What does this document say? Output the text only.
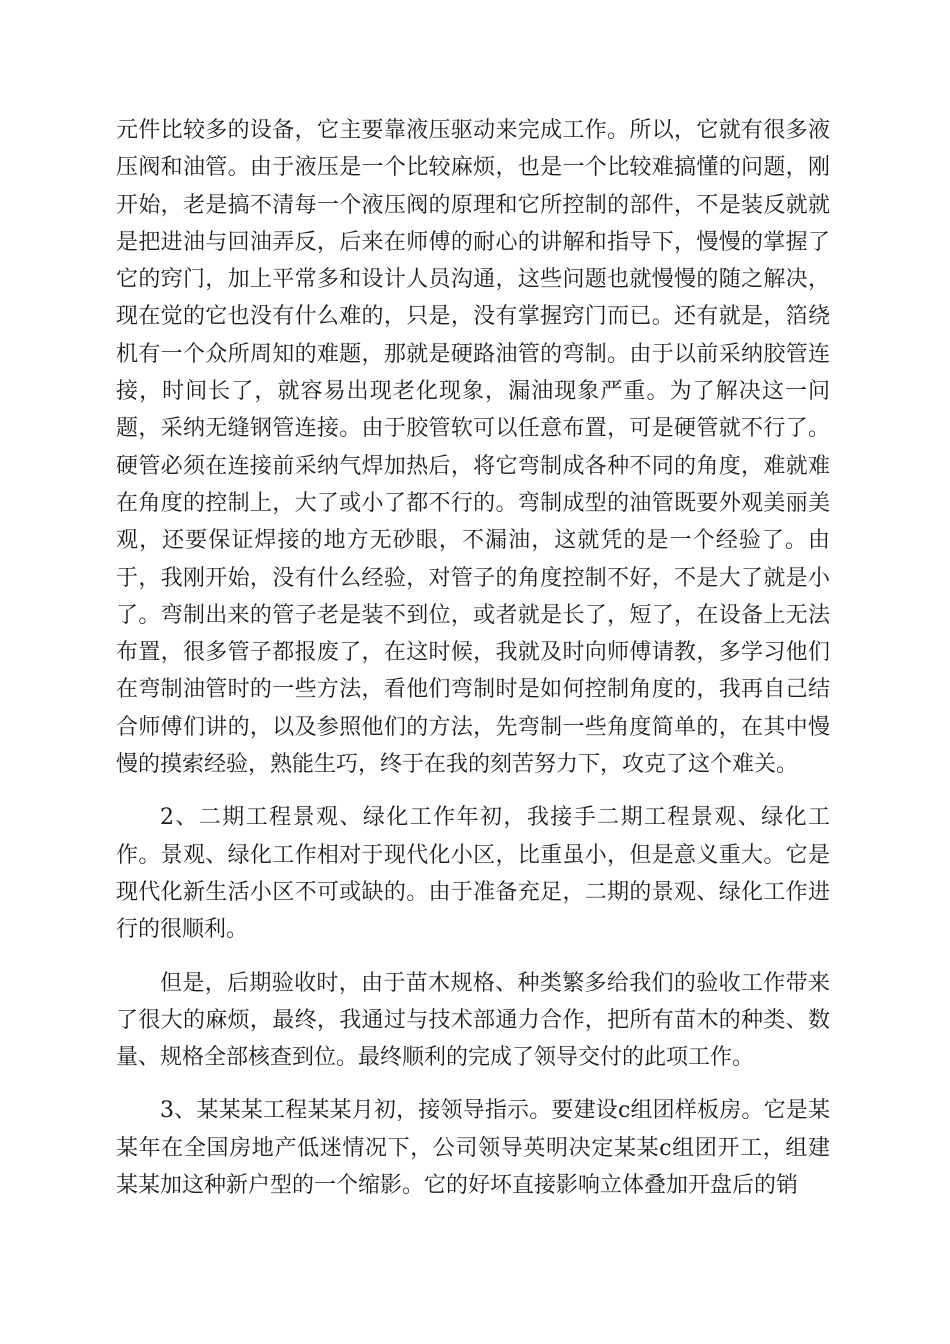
元件比较多的设备，它主要靠液压驱动来完成工作。所以，它就有很多液压阀和油管。由于液压是一个比较麻烦，也是一个比较难搞懂的问题，刚开始，老是搞不清每一个液压阀的原理和它所控制的部件，不是装反就就是把进油与回油弄反，后来在师傅的耐心的讲解和指导下，慢慢的掌握了它的窍门，加上平常多和设计人员沟通，这些问题也就慢慢的随之解决，现在觉的它也没有什么难的，只是，没有掌握窍门而已。还有就是，箔绕机有一个众所周知的难题，那就是硬路油管的弯制。由于以前采纳胶管连接，时间长了，就容易出现老化现象，漏油现象严重。为了解决这一问题，采纳无缝钢管连接。由于胶管软可以任意布置，可是硬管就不行了。硬管必须在连接前采纳气焊加热后，将它弯制成各种不同的角度，难就难在角度的控制上，大了或小了都不行的。弯制成型的油管既要外观美丽美观，还要保证焊接的地方无砂眼，不漏油，这就凭的是一个经验了。由于，我刚开始，没有什么经验，对管子的角度控制不好，不是大了就是小了。弯制出来的管子老是装不到位，或者就是长了，短了，在设备上无法布置，很多管子都报废了，在这时候，我就及时向师傅请教，多学习他们在弯制油管时的一些方法，看他们弯制时是如何控制角度的，我再自己结合师傅们讲的，以及参照他们的方法，先弯制一些角度简单的，在其中慢慢的摸索经验，熟能生巧，终于在我的刻苦努力下，攻克了这个难关。

2、二期工程景观、绿化工作年初，我接手二期工程景观、绿化工作。景观、绿化工作相对于现代化小区，比重虽小，但是意义重大。它是现代化新生活小区不可或缺的。由于准备充足，二期的景观、绿化工作进行的很顺利。

但是，后期验收时，由于苗木规格、种类繁多给我们的验收工作带来了很大的麻烦，最终，我通过与技术部通力合作，把所有苗木的种类、数量、规格全部核查到位。最终顺利的完成了领导交付的此项工作。

3、某某某工程某某月初，接领导指示。要建设c组团样板房。它是某某年在全国房地产低迷情况下，公司领导英明决定某某c组团开工，组建某某加这种新户型的一个缩影。它的好坏直接影响立体叠加开盘后的销
